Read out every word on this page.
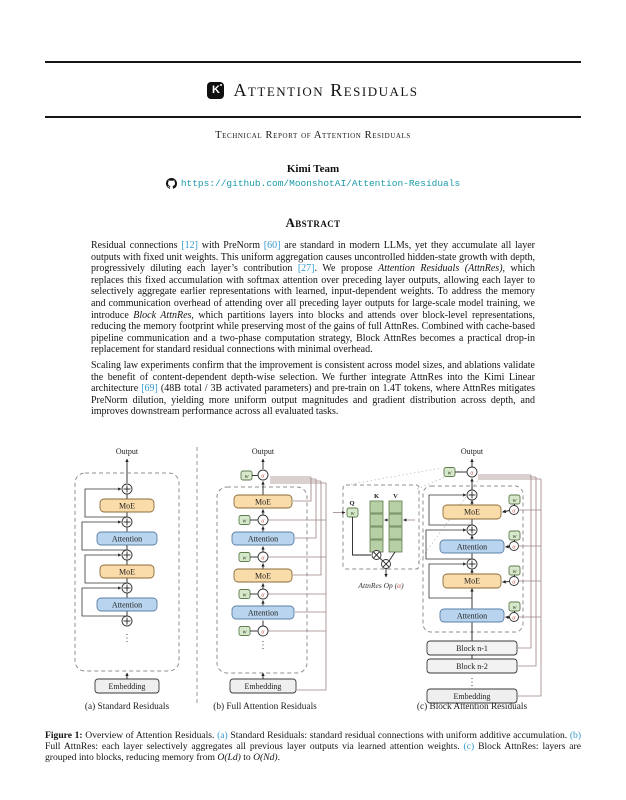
K Attention Residuals
Technical Report of Attention Residuals
Kimi Team
https://github.com/MoonshotAI/Attention-Residuals
Abstract

Residual connections [12] with PreNorm [60] are standard in modern LLMs, yet they accumulate all layer outputs with fixed unit weights. This uniform aggregation causes uncontrolled hidden-state growth with depth, progressively diluting each layer’s contribution [27]. We propose Attention Residuals (AttnRes), which replaces this fixed accumulation with softmax attention over preceding layer outputs, allowing each layer to selectively aggregate earlier representations with learned, input-dependent weights. To address the memory and communication overhead of attending over all preceding layer outputs for large-scale model training, we introduce Block AttnRes, which partitions layers into blocks and attends over block-level representations, reducing the memory footprint while preserving most of the gains of full AttnRes. Combined with cache-based pipeline communication and a two-phase computation strategy, Block AttnRes becomes a practical drop-in replacement for standard residual connections with minimal overhead.

Scaling law experiments confirm that the improvement is consistent across model sizes, and ablations validate the benefit of content-dependent depth-wise selection. We further integrate AttnRes into the Kimi Linear architecture [69] (48B total / 3B activated parameters) and pre-train on 1.4T tokens, where AttnRes mitigates PreNorm dilution, yielding more uniform output magnitudes and gradient distribution across depth, and improves downstream performance across all evaluated tasks.

Output
MoE
Attention
MoE
Attention
⋮
Embedding
(a) Standard Residuals
Output
w α
w α
w α
w α
w α
MoE
Attention
MoE
Attention
⋮
Embedding
(b) Full Attention Residuals
Q
w
K V
AttnRes Op (α)
Output
w	α
MoE
Attention
MoE
Attention
w
α
w
α
w
α
w
α
Block n-1
Block n-2
⋮
Embedding
(c) Block Attention Residuals

Figure 1: Overview of Attention Residuals. (a) Standard Residuals: standard residual connections with uniform additive accumulation. (b) Full AttnRes: each layer selectively aggregates all previous layer outputs via learned attention weights. (c) Block AttnRes: layers are grouped into blocks, reducing memory from O(Ld) to O(Nd).
